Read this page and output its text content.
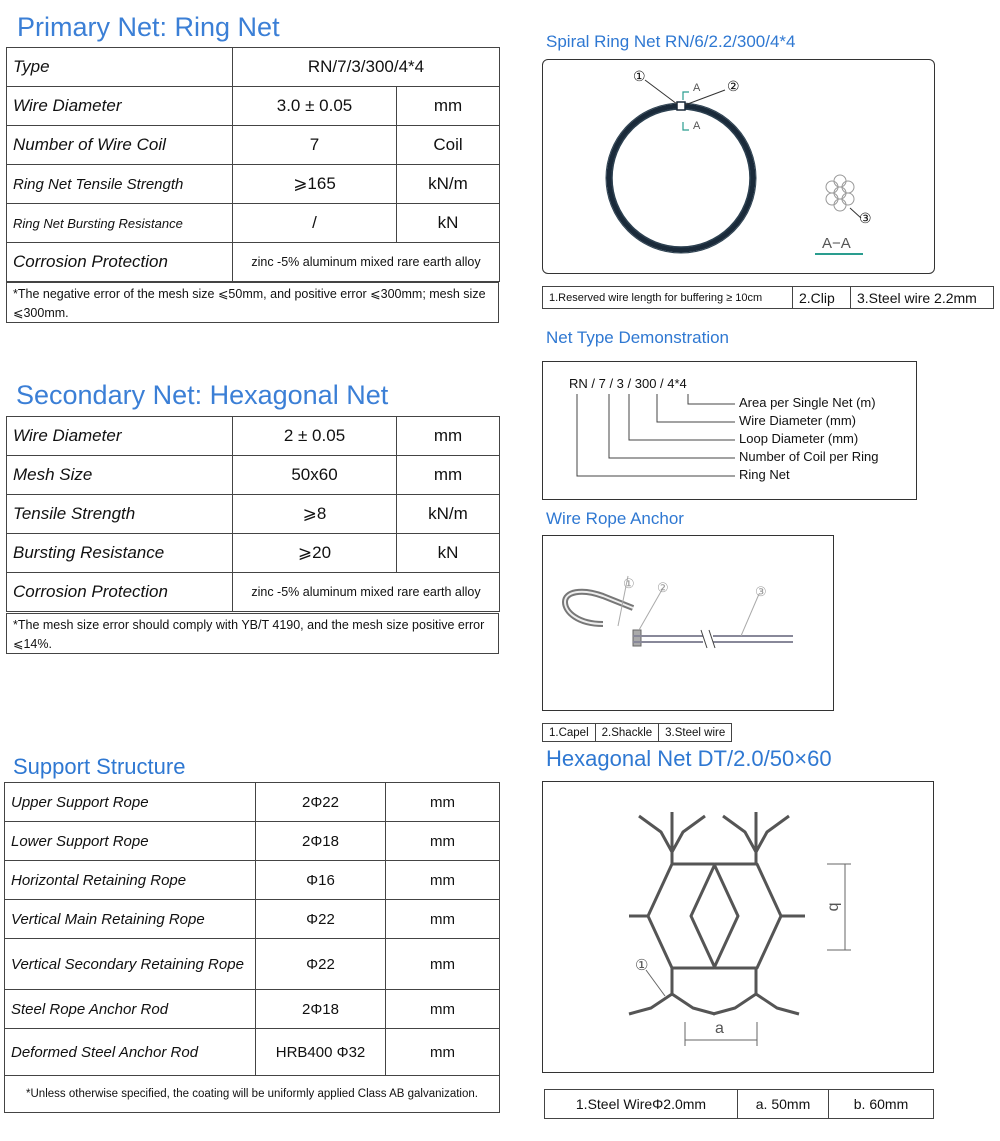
Primary Net: Ring Net
Type	RN/7/3/300/4*4	
Wire Diameter	3.0 ± 0.05	mm
Number of Wire Coil	7	Coil
Ring Net Tensile Strength	⩾165	kN/m
Ring Net Bursting Resistance	/	kN
Corrosion Protection	zinc -5% aluminum mixed rare earth alloy	
*The negative error of the mesh size ⩽50mm, and positive error ⩽300mm; mesh size ⩽300mm.
Secondary Net: Hexagonal Net
Wire Diameter	2 ± 0.05	mm
Mesh Size	50x60	mm
Tensile Strength	⩾8	kN/m
Bursting Resistance	⩾20	kN
Corrosion Protection	zinc -5% aluminum mixed rare earth alloy	
*The mesh size error should comply with YB/T 4190, and the mesh size positive error ⩽14%.
Support Structure
Upper Support Rope	2Φ22	mm
Lower Support Rope	2Φ18	mm
Horizontal Retaining Rope	Φ16	mm
Vertical Main Retaining Rope	Φ22	mm
Vertical Secondary Retaining Rope	Φ22	mm
Steel Rope Anchor Rod	2Φ18	mm
Deformed Steel Anchor Rod	HRB400 Φ32	mm
*Unless otherwise specified, the coating will be uniformly applied Class AB galvanization.		
Spiral Ring Net RN/6/2.2/300/4*4
①
②
A
A
③
A−A
1.Reserved wire length for buffering ≥ 10cm	2.Clip	3.Steel wire 2.2mm
Net Type Demonstration
RN / 7 / 3 / 300 / 4*4
Area per Single Net (m)
Wire Diameter (mm)
Loop Diameter (mm)
Number of Coil per Ring
Ring Net
Wire Rope Anchor
① ②	③
1.Capel	2.Shackle	3.Steel wire
Hexagonal Net DT/2.0/50×60
①
b
a
1.Steel WireΦ2.0mm	a. 50mm	b. 60mm
